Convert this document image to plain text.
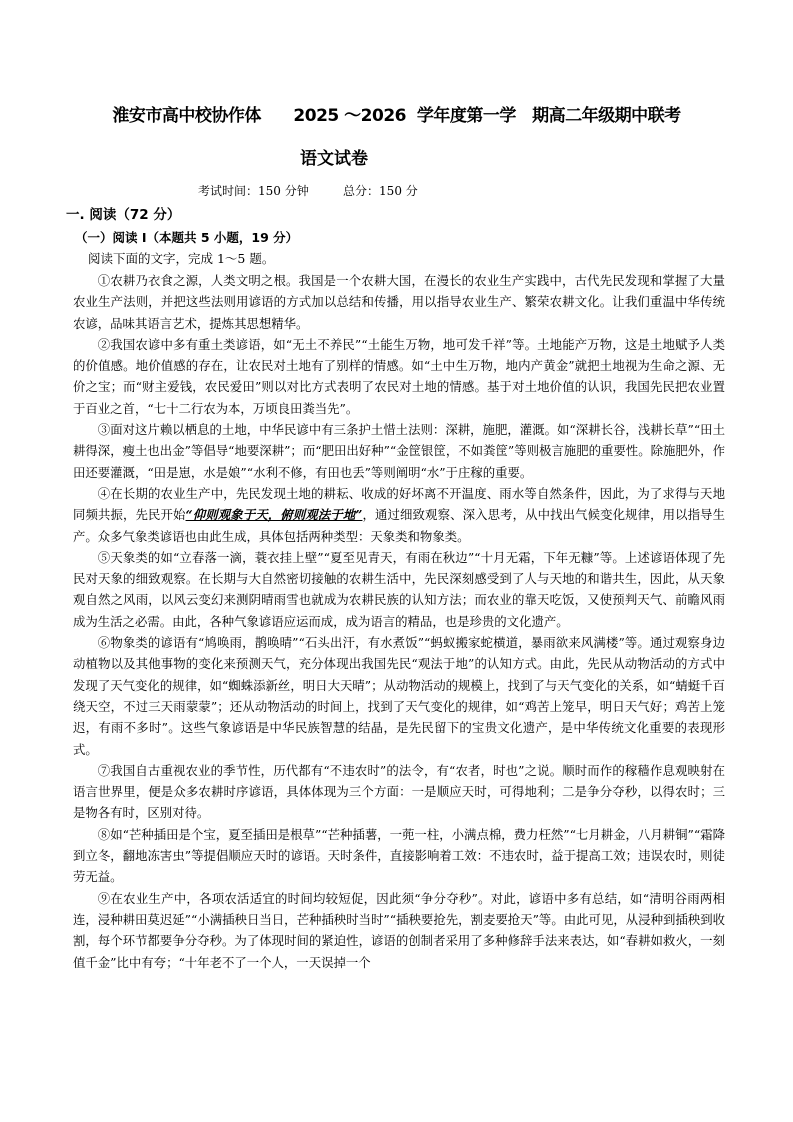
淮安市高中校协作体      2025 ～2026  学年度第一学   期高二年级期中联考
语文试卷
考试时间：150 分钟         总分：150 分
一. 阅读（72 分）
（一）阅读 I（本题共 5 小题，19 分）
阅读下面的文字，完成 1～5 题。

①农耕乃衣食之源，人类文明之根。我国是一个农耕大国，在漫长的农业生产实践中，古代先民发现和掌握了大量农业生产法则，并把这些法则用谚语的方式加以总结和传播，用以指导农业生产、繁荣农耕文化。让我们重温中华传统农谚，品味其语言艺术，提炼其思想精华。

②我国农谚中多有重土类谚语，如“无土不养民”“土能生万物，地可发千祥”等。土地能产万物，这是土地赋予人类的价值感。地价值感的存在，让农民对土地有了别样的情感。如“土中生万物，地内产黄金”就把土地视为生命之源、无价之宝；而“财主爱钱，农民爱田”则以对比方式表明了农民对土地的情感。基于对土地价值的认识，我国先民把农业置于百业之首，“七十二行农为本，万顷良田粪当先”。

③面对这片赖以栖息的土地，中华民谚中有三条护土惜土法则：深耕，施肥，灌溉。如“深耕长谷，浅耕长草”“田土耕得深，瘦土也出金”等倡导“地要深耕”；而“肥田出好种”“金筐银筐，不如粪筐”等则极言施肥的重要性。除施肥外，作田还要灌溉，“田是崽，水是娘”“水利不修，有田也丢”等则阐明“水”于庄稼的重要。

④在长期的农业生产中，先民发现土地的耕耘、收成的好坏离不开温度、雨水等自然条件，因此，为了求得与天地同频共振，先民开始“仰则观象于天，俯则观法于地”，通过细致观察、深入思考，从中找出气候变化规律，用以指导生产。众多气象类谚语也由此生成，具体包括两种类型：天象类和物象类。

⑤天象类的如“立春落一滴，蓑衣挂上壁”“夏至见青天，有雨在秋边”“十月无霜，下年无糠”等。上述谚语体现了先民对天象的细致观察。在长期与大自然密切接触的农耕生活中，先民深刻感受到了人与天地的和谐共生，因此，从天象观自然之风雨，以风云变幻来测阴晴雨雪也就成为农耕民族的认知方法；而农业的靠天吃饭，又使预判天气、前瞻风雨成为生活之必需。由此，各种气象谚语应运而成，成为语言的精品，也是珍贵的文化遗产。

⑥物象类的谚语有“鸠唤雨，鹊唤晴”“石头出汗，有水煮饭”“蚂蚁搬家蛇横道，暴雨欲来风满楼”等。通过观察身边动植物以及其他事物的变化来预测天气，充分体现出我国先民“观法于地”的认知方式。由此，先民从动物活动的方式中发现了天气变化的规律，如“蜘蛛添新丝，明日大天晴”；从动物活动的规模上，找到了与天气变化的关系，如“蜻蜓千百绕天空，不过三天雨蒙蒙”；还从动物活动的时间上，找到了天气变化的规律，如“鸡苦上笼早，明日天气好；鸡苦上笼迟，有雨不多时”。这些气象谚语是中华民族智慧的结晶，是先民留下的宝贵文化遗产，是中华传统文化重要的表现形式。

⑦我国自古重视农业的季节性，历代都有“不违农时”的法令，有“农者，时也”之说。顺时而作的稼穑作息观映射在语言世界里，便是众多农耕时序谚语，具体体现为三个方面：一是顺应天时，可得地利；二是争分夺秒，以得农时；三是物各有时，区别对待。

⑧如“芒种插田是个宝，夏至插田是根草”“芒种插薯，一蔸一柱，小满点棉，费力枉然”“七月耕金，八月耕铜”“霜降到立冬，翻地冻害虫”等提倡顺应天时的谚语。天时条件，直接影响着工效：不违农时，益于提高工效；违误农时，则徒劳无益。

⑨在农业生产中，各项农活适宜的时间均较短促，因此须“争分夺秒”。对此，谚语中多有总结，如“清明谷雨两相连，浸种耕田莫迟延”“小满插秧日当日，芒种插秧时当时”“插秧要抢先，割麦要抢天”等。由此可见，从浸种到插秧到收割，每个环节都要争分夺秒。为了体现时间的紧迫性，谚语的创制者采用了多种修辞手法来表达，如“春耕如救火，一刻值千金”比中有夸；“十年老不了一个人，一天误掉一个
